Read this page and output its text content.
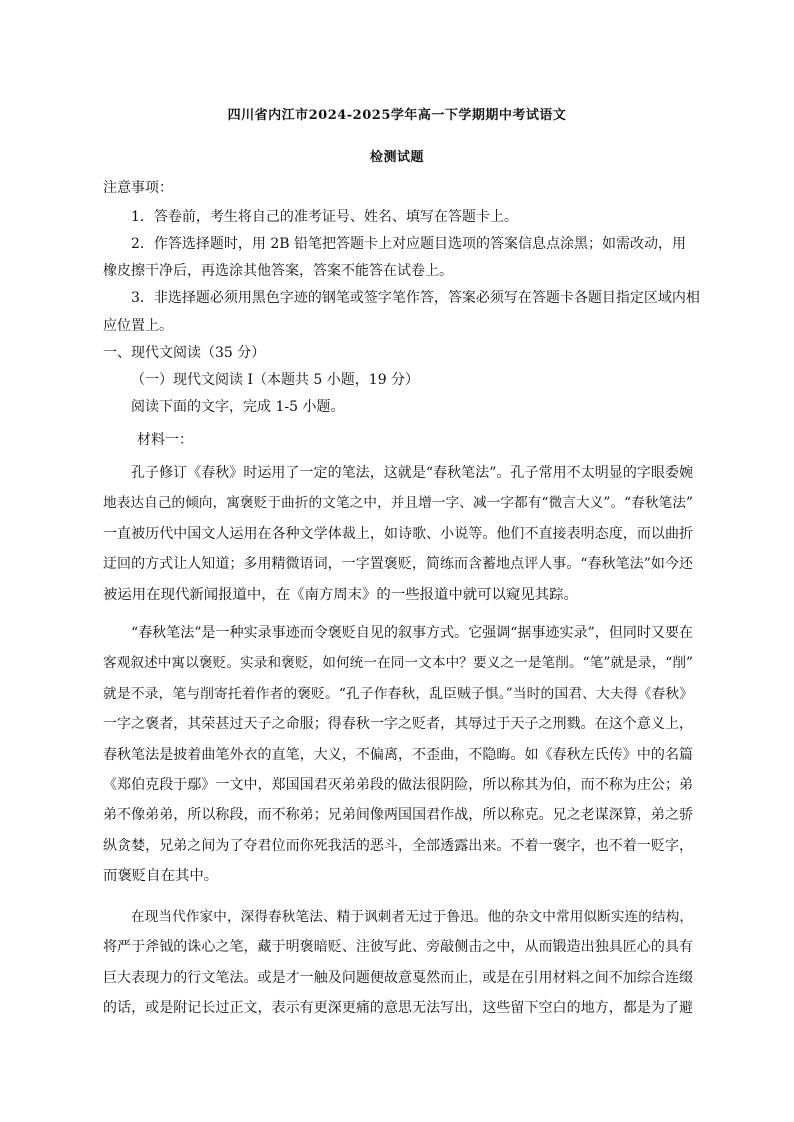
四川省内江市2024-2025学年高一下学期期中考试语文
检测试题
注意事项：
1．答卷前，考生将自己的准考证号、姓名、填写在答题卡上。
2．作答选择题时，用 2B 铅笔把答题卡上对应题目选项的答案信息点涂黑；如需改动，用
橡皮擦干净后，再选涂其他答案，答案不能答在试卷上。
3．非选择题必须用黑色字迹的钢笔或签字笔作答，答案必须写在答题卡各题目指定区域内相
应位置上。
一、现代文阅读（35 分）
（一）现代文阅读 I（本题共 5 小题，19 分）
阅读下面的文字，完成 1-5 小题。
材料一：
孔子修订《春秋》时运用了一定的笔法，这就是“春秋笔法”。孔子常用不太明显的字眼委婉
地表达自己的倾向，寓褒贬于曲折的文笔之中，并且增一字、减一字都有“微言大义”。“春秋笔法”
一直被历代中国文人运用在各种文学体裁上，如诗歌、小说等。他们不直接表明态度，而以曲折
迂回的方式让人知道；多用精微语词，一字置褒贬，简练而含蓄地点评人事。“春秋笔法”如今还
被运用在现代新闻报道中，在《南方周末》的一些报道中就可以窥见其踪。
“春秋笔法”是一种实录事迹而令褒贬自见的叙事方式。它强调“据事迹实录”，但同时又要在
客观叙述中寓以褒贬。实录和褒贬，如何统一在同一文本中？要义之一是笔削。“笔”就是录，“削”
就是不录，笔与削寄托着作者的褒贬。“孔子作春秋，乱臣贼子惧。”当时的国君、大夫得《春秋》
一字之褒者，其荣甚过天子之命服；得春秋一字之贬者，其辱过于天子之刑戮。在这个意义上，
春秋笔法是披着曲笔外衣的直笔，大义，不偏离，不歪曲，不隐晦。如《春秋左氏传》中的名篇
《郑伯克段于鄢》一文中，郑国国君灭弟弟段的做法很阴险，所以称其为伯，而不称为庄公；弟
弟不像弟弟，所以称段，而不称弟；兄弟间像两国国君作战，所以称克。兄之老谋深算，弟之骄
纵贪婪，兄弟之间为了夺君位而你死我活的恶斗，全部透露出来。不着一褒字，也不着一贬字，
而褒贬自在其中。
在现当代作家中，深得春秋笔法、精于讽刺者无过于鲁迅。他的杂文中常用似断实连的结构，
将严于斧钺的诛心之笔，藏于明褒暗贬、注彼写此、旁敲侧击之中，从而锻造出独具匠心的具有
巨大表现力的行文笔法。或是才一触及问题便故意戛然而止，或是在引用材料之间不加综合连缀
的话，或是附记长过正文，表示有更深更痛的意思无法写出，这些留下空白的地方，都是为了避
